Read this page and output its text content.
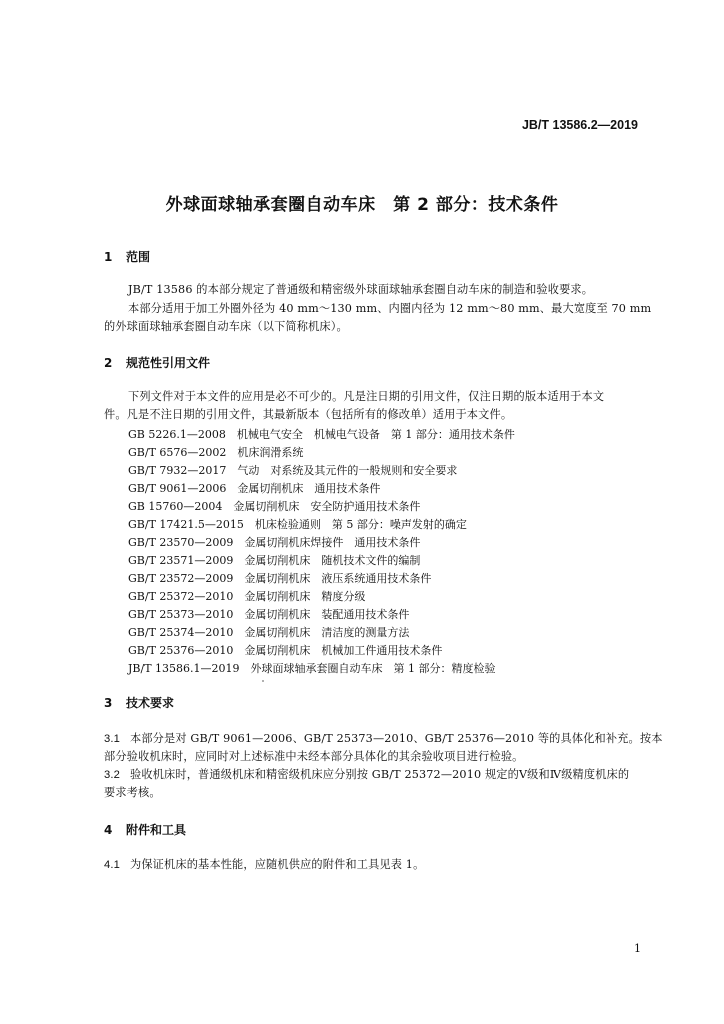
JB/T 13586.2—2019
外球面球轴承套圈自动车床　第 2 部分：技术条件
1 范围
JB/T 13586 的本部分规定了普通级和精密级外球面球轴承套圈自动车床的制造和验收要求。
本部分适用于加工外圈外径为 40 mm～130 mm、内圈内径为 12 mm～80 mm、最大宽度至 70 mm
的外球面球轴承套圈自动车床（以下简称机床）。
2 规范性引用文件
下列文件对于本文件的应用是必不可少的。凡是注日期的引用文件，仅注日期的版本适用于本文
件。凡是不注日期的引用文件，其最新版本（包括所有的修改单）适用于本文件。
GB 5226.1—2008　机械电气安全　机械电气设备　第 1 部分：通用技术条件
GB/T 6576—2002　机床润滑系统
GB/T 7932—2017　气动　对系统及其元件的一般规则和安全要求
GB/T 9061—2006　金属切削机床　通用技术条件
GB 15760—2004　金属切削机床　安全防护通用技术条件
GB/T 17421.5—2015　机床检验通则　第 5 部分：噪声发射的确定
GB/T 23570—2009　金属切削机床焊接件　通用技术条件
GB/T 23571—2009　金属切削机床　随机技术文件的编制
GB/T 23572—2009　金属切削机床　液压系统通用技术条件
GB/T 25372—2010　金属切削机床　精度分级
GB/T 25373—2010　金属切削机床　装配通用技术条件
GB/T 25374—2010　金属切削机床　清洁度的测量方法
GB/T 25376—2010　金属切削机床　机械加工件通用技术条件
JB/T 13586.1—2019　外球面球轴承套圈自动车床　第 1 部分：精度检验
3 技术要求
3.1 本部分是对 GB/T 9061—2006、GB/T 25373—2010、GB/T 25376—2010 等的具体化和补充。按本
部分验收机床时，应同时对上述标准中未经本部分具体化的其余验收项目进行检验。
3.2 验收机床时，普通级机床和精密级机床应分别按 GB/T 25372—2010 规定的Ⅴ级和Ⅳ级精度机床的
要求考核。
4 附件和工具
4.1 为保证机床的基本性能，应随机供应的附件和工具见表 1。
1
